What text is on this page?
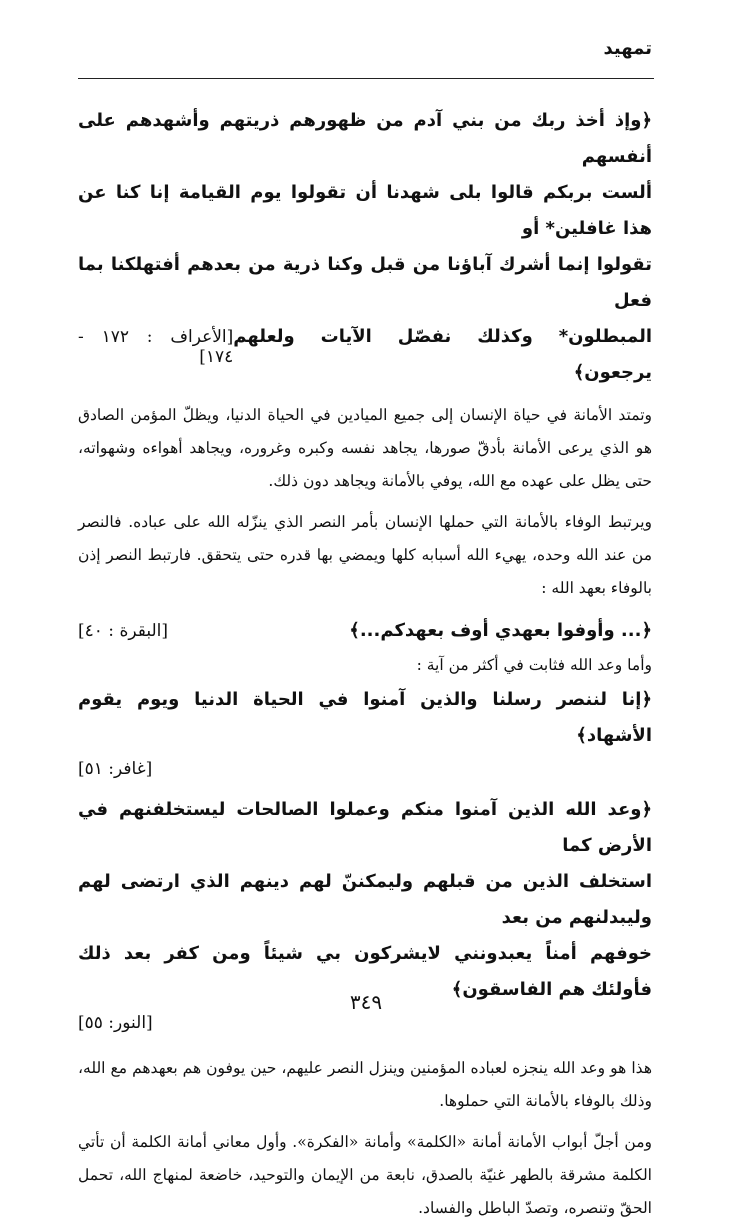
تمهيد

﴿وإذ أخذ ربك من بني آدم من ظهورهم ذريتهم وأشهدهم على أنفسهم

ألست بربكم قالوا بلى شهدنا أن تقولوا يوم القيامة إنا كنا عن هذا غافلين* أو

تقولوا إنما أشرك آباؤنا من قبل وكنا ذرية من بعدهم أفتهلكنا بما فعل

المبطلون* وكذلك نفصّل الآيات ولعلهم يرجعون﴾
[الأعراف : ١٧٢ - ١٧٤]

وتمتد الأمانة في حياة الإنسان إلى جميع الميادين في الحياة الدنيا، ويظلّ المؤمن الصادق هو الذي يرعى الأمانة بأدقّ صورها، يجاهد نفسه وكبره وغروره، ويجاهد أهواءه وشهواته، حتى يظل على عهده مع الله، يوفي بالأمانة ويجاهد دون ذلك.

ويرتبط الوفاء بالأمانة التي حملها الإنسان بأمر النصر الذي ينزّله الله على عباده. فالنصر من عند الله وحده، يهيء الله أسبابه كلها ويمضي بها قدره حتى يتحقق. فارتبط النصر إذن بالوفاء بعهد الله :

﴿... وأوفوا بعهدي أوف بعهدكم...﴾
[البقرة : ٤٠]

وأما وعد الله فثابت في أكثر من آية :

﴿إنا لننصر رسلنا والذين آمنوا في الحياة الدنيا ويوم يقوم الأشهاد﴾

[غافر: ٥١]

﴿وعد الله الذين آمنوا منكم وعملوا الصالحات ليستخلفنهم في الأرض كما

استخلف الذين من قبلهم وليمكننّ لهم دينهم الذي ارتضى لهم وليبدلنهم من بعد

خوفهم أمناً يعبدونني لايشركون بي شيئاً ومن كفر بعد ذلك فأولئك هم الفاسقون﴾

[النور: ٥٥]

هذا هو وعد الله ينجزه لعباده المؤمنين وينزل النصر عليهم، حين يوفون هم بعهدهم مع الله، وذلك بالوفاء بالأمانة التي حملوها.

ومن أجلّ أبواب الأمانة أمانة «الكلمة» وأمانة «الفكرة». وأول معاني أمانة الكلمة أن تأتي الكلمة مشرقة بالطهر غنيّة بالصدق، نابعة من الإيمان والتوحيد، خاضعة لمنهاج الله، تحمل الحقّ وتنصره، وتصدّ الباطل والفساد.

٣٤٩
